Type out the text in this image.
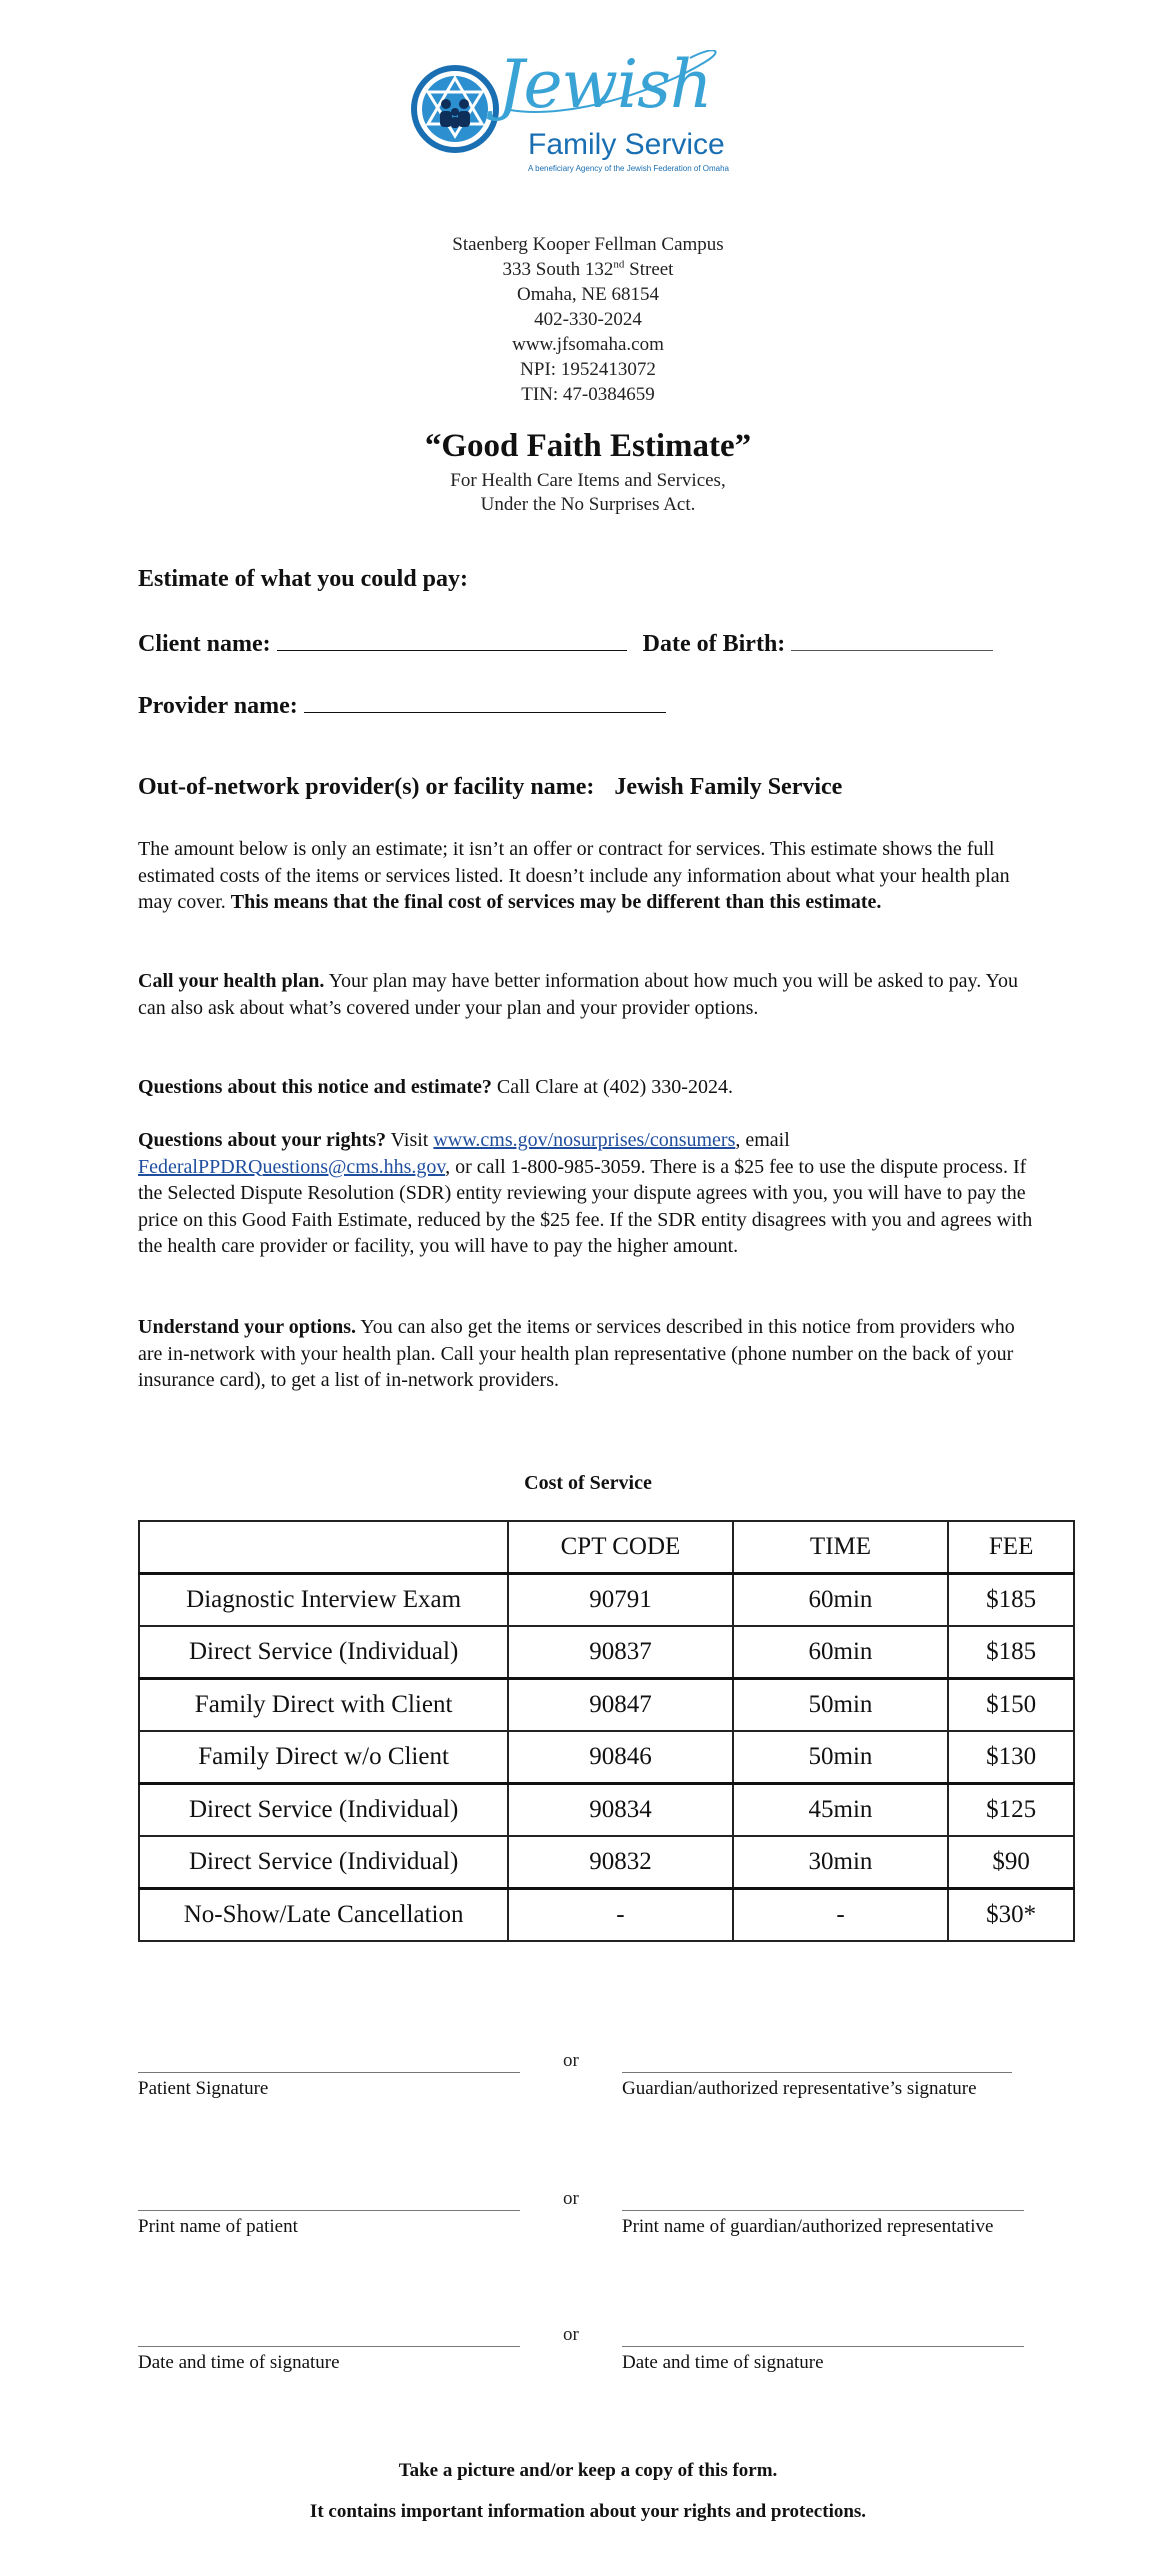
Jewish
Family Service
A beneficiary Agency of the Jewish Federation of Omaha
Staenberg Kooper Fellman Campus
333 South 132nd Street
Omaha, NE 68154
402-330-2024
www.jfsomaha.com
NPI: 1952413072
TIN: 47-0384659
“Good Faith Estimate”
For Health Care Items and Services,
Under the No Surprises Act.
Estimate of what you could pay:
Client name:	Date of Birth:
Provider name:
Out-of-network provider(s) or facility name: Jewish Family Service
The amount below is only an estimate; it isn’t an offer or contract for services. This estimate shows the full estimated costs of the items or services listed. It doesn’t include any information about what your health plan may cover. This means that the final cost of services may be different than this estimate.
Call your health plan. Your plan may have better information about how much you will be asked to pay. You can also ask about what’s covered under your plan and your provider options.
Questions about this notice and estimate? Call Clare at (402) 330-2024.
Questions about your rights? Visit www.cms.gov/nosurprises/consumers, email FederalPPDRQuestions@cms.hhs.gov, or call 1-800-985-3059. There is a $25 fee to use the dispute process. If the Selected Dispute Resolution (SDR) entity reviewing your dispute agrees with you, you will have to pay the price on this Good Faith Estimate, reduced by the $25 fee. If the SDR entity disagrees with you and agrees with the health care provider or facility, you will have to pay the higher amount.
Understand your options. You can also get the items or services described in this notice from providers who are in-network with your health plan. Call your health plan representative (phone number on the back of your insurance card), to get a list of in-network providers.
Cost of Service
	CPT CODE	TIME	FEE
Diagnostic Interview Exam	90791	60min	$185
Direct Service (Individual)	90837	60min	$185
Family Direct with Client	90847	50min	$150
Family Direct w/o Client	90846	50min	$130
Direct Service (Individual)	90834	45min	$125
Direct Service (Individual)	90832	30min	$90
No-Show/Late Cancellation	-	-	$30*
or
Patient Signature	Guardian/authorized representative’s signature
or
Print name of patient	Print name of guardian/authorized representative
or
Date and time of signature	Date and time of signature
Take a picture and/or keep a copy of this form.
It contains important information about your rights and protections.
